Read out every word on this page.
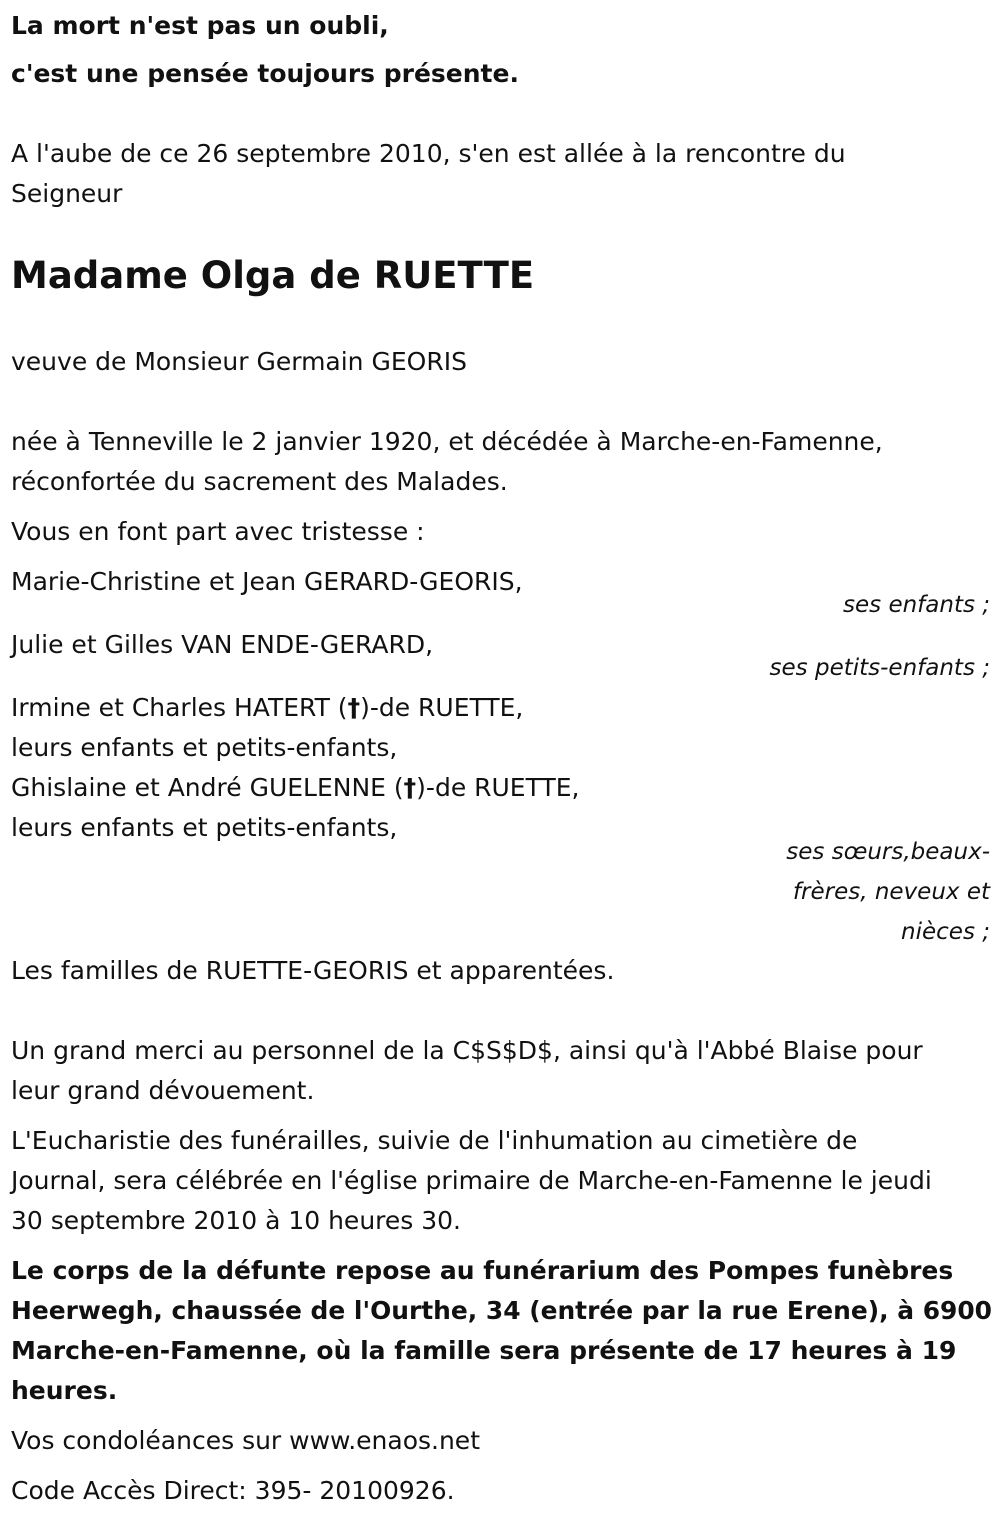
La mort n'est pas un oubli,
c'est une pensée toujours présente.
A l'aube de ce 26 septembre 2010, s'en est allée à la rencontre du
Seigneur
Madame Olga de RUETTE
veuve de Monsieur Germain GEORIS
née à Tenneville le 2 janvier 1920, et décédée à Marche-en-Famenne,
réconfortée du sacrement des Malades.
Vous en font part avec tristesse :
Marie-Christine et Jean GERARD-GEORIS,
ses enfants ;
Julie et Gilles VAN ENDE-GERARD,
ses petits-enfants ;
Irmine et Charles HATERT (†)-de RUETTE,
leurs enfants et petits-enfants,
Ghislaine et André GUELENNE (†)-de RUETTE,
leurs enfants et petits-enfants,
ses sœurs,beaux-
frères, neveux et
nièces ;
Les familles de RUETTE-GEORIS et apparentées.
Un grand merci au personnel de la C$S$D$, ainsi qu'à l'Abbé Blaise pour
leur grand dévouement.
L'Eucharistie des funérailles, suivie de l'inhumation au cimetière de
Journal, sera célébrée en l'église primaire de Marche-en-Famenne le jeudi
30 septembre 2010 à 10 heures 30.
Le corps de la défunte repose au funérarium des Pompes funèbres
Heerwegh, chaussée de l'Ourthe, 34 (entrée par la rue Erene), à 6900
Marche-en-Famenne, où la famille sera présente de 17 heures à 19
heures.
Vos condoléances sur www.enaos.net
Code Accès Direct: 395- 20100926.
